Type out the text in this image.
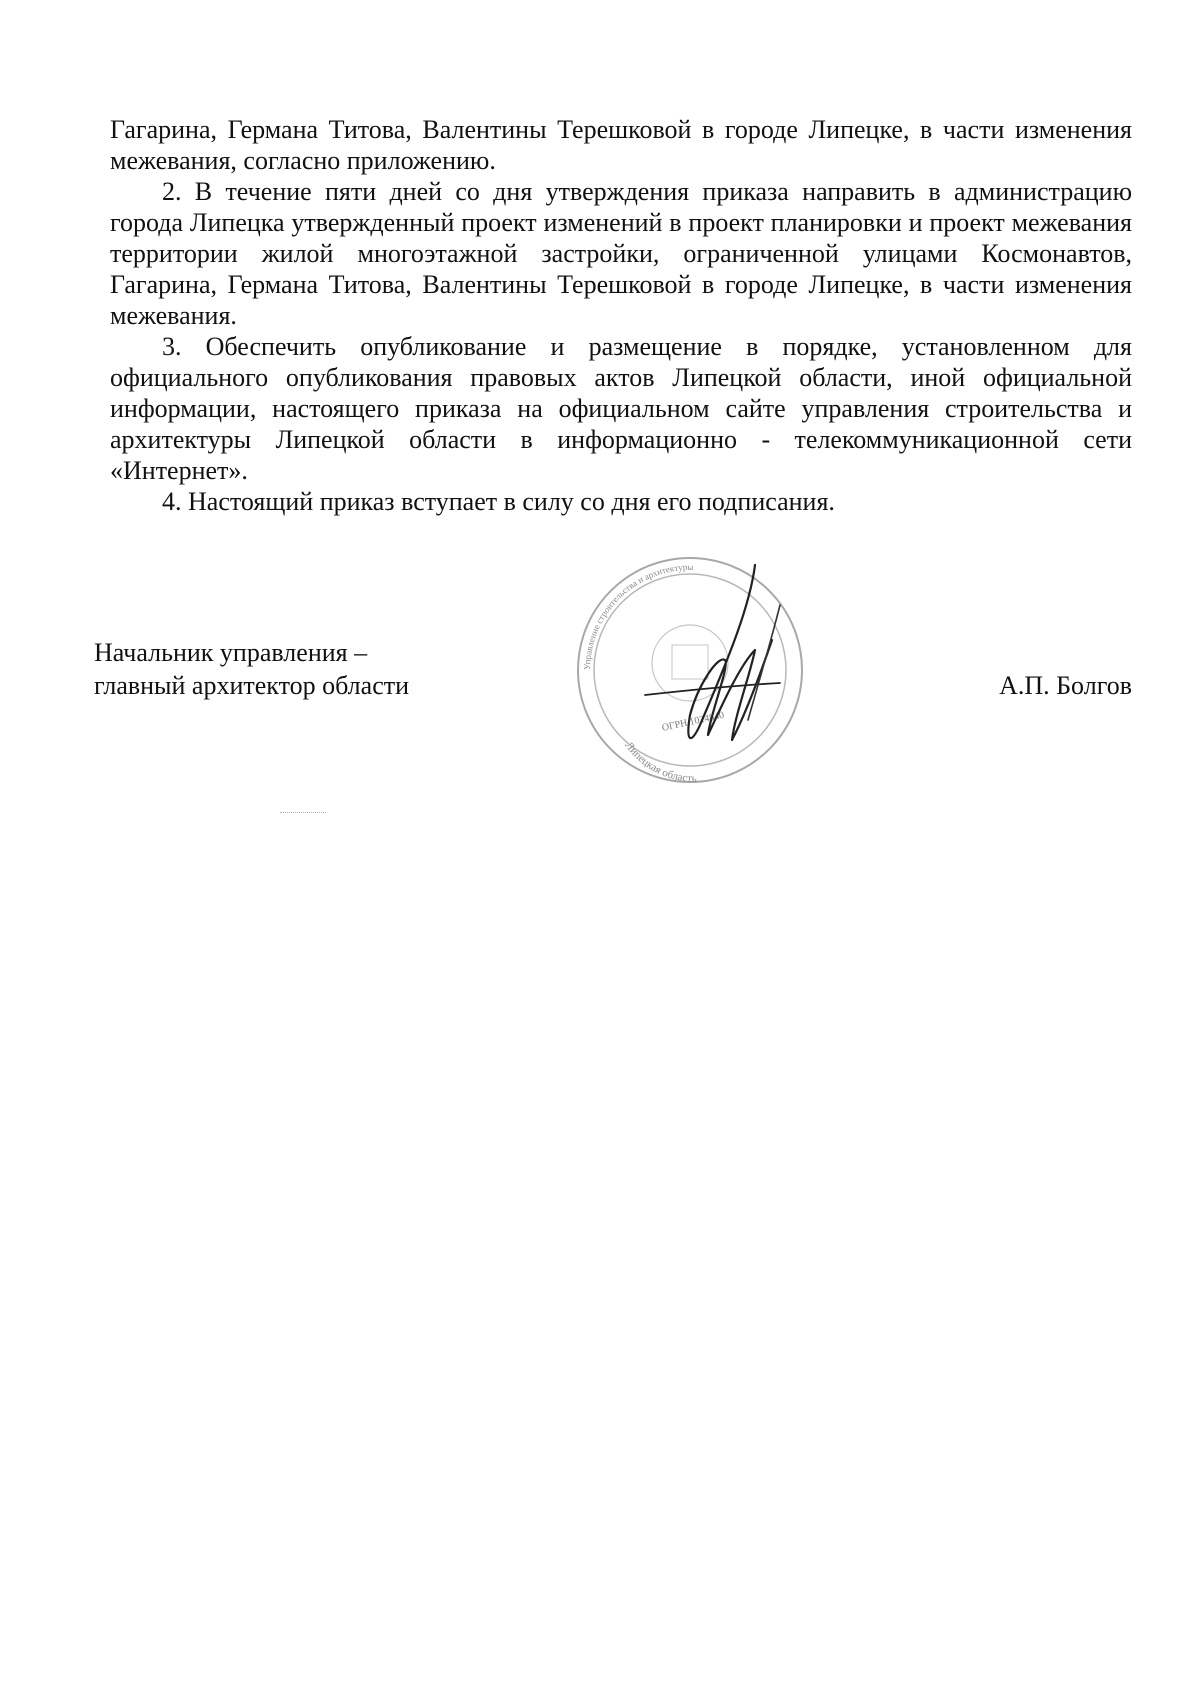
Гагарина, Германа Титова, Валентины Терешковой в городе Липецке, в части изменения межевания, согласно приложению.

2. В течение пяти дней со дня утверждения приказа направить в администрацию города Липецка утвержденный проект изменений в проект планировки и проект межевания территории жилой многоэтажной застройки, ограниченной улицами Космонавтов, Гагарина, Германа Титова, Валентины Терешковой в городе Липецке, в части изменения межевания.

3. Обеспечить опубликование и размещение в порядке, установленном для официального опубликования правовых актов Липецкой области, иной официальной информации, настоящего приказа на официальном сайте управления строительства и архитектуры Липецкой области в информационно - телекоммуникационной сети «Интернет».

4. Настоящий приказ вступает в силу со дня его подписания.

Начальник управления –
главный архитектор области	А.П. Болгов
Управление строительства и архитектуры
Липецкая область
ОГРН 1024840
